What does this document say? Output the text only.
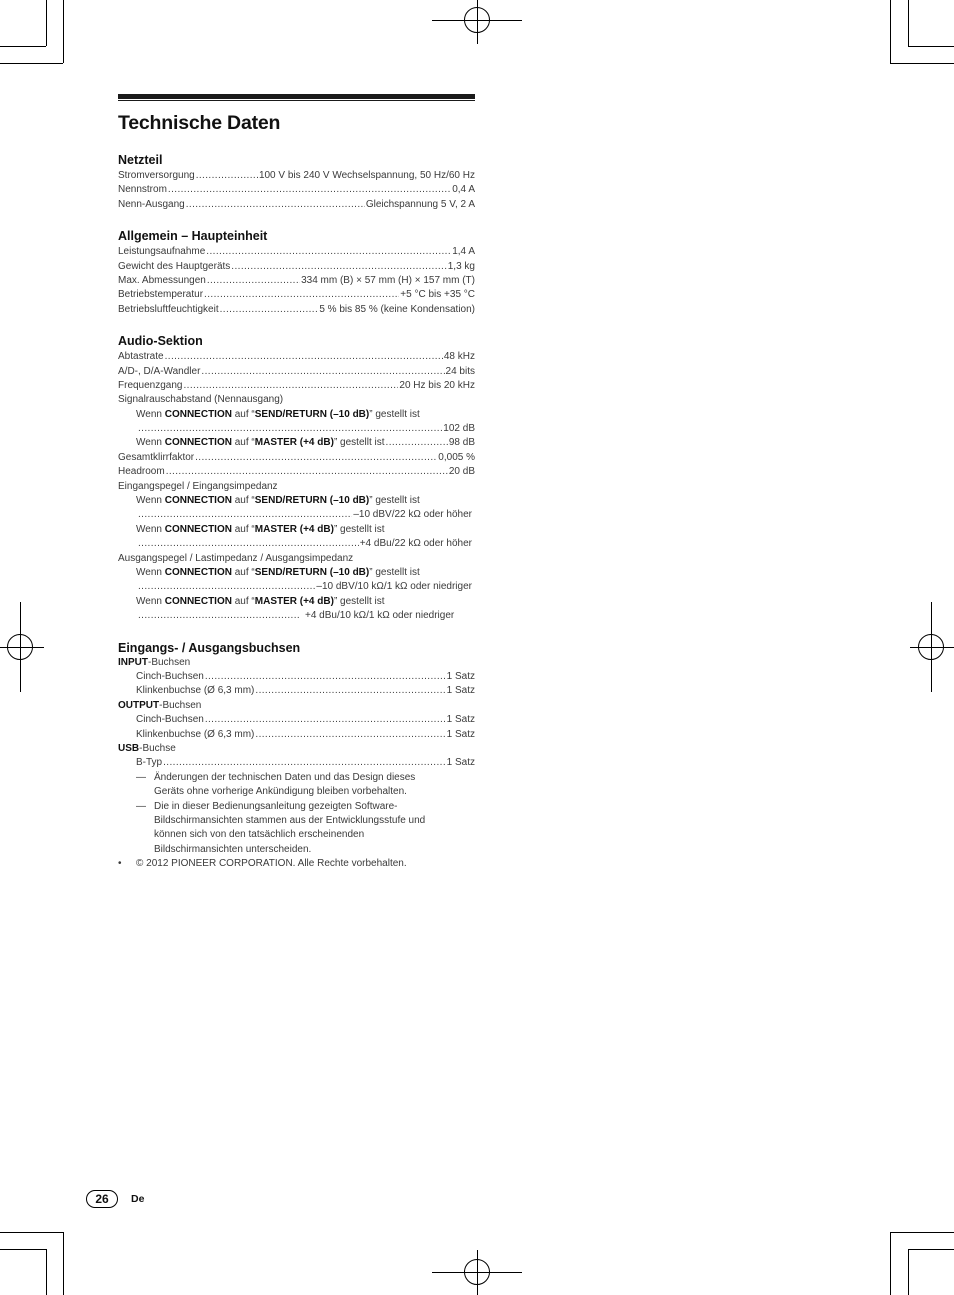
Technische Daten
Netzteil
Stromversorgung .....	100 V bis 240 V Wechselspannung, 50 Hz/60 Hz
Nennstrom .....	0,4 A
Nenn-Ausgang .....	Gleichspannung 5 V, 2 A
Allgemein – Haupteinheit
Leistungsaufnahme .....	1,4 A
Gewicht des Hauptgeräts .....	1,3 kg
Max. Abmessungen .....	334 mm (B) × 57 mm (H) × 157 mm (T)
Betriebstemperatur .....	+5 °C bis +35 °C
Betriebsluftfeuchtigkeit .....	5 % bis 85 % (keine Kondensation)
Audio-Sektion
Abtastrate .....	48 kHz
A/D-, D/A-Wandler .....	24 bits
Frequenzgang .....	20 Hz bis 20 kHz
Signalrauschabstand (Nennausgang)
Wenn CONNECTION auf “SEND/RETURN (–10 dB)” gestellt ist
.....
102 dB
Wenn CONNECTION auf “MASTER (+4 dB)” gestellt ist .....	98 dB
Gesamtklirrfaktor .....	0,005 %
Headroom .....	20 dB
Eingangspegel / Eingangsimpedanz
Wenn CONNECTION auf “SEND/RETURN (–10 dB)” gestellt ist
.....
–10 dBV/22 kΩ oder höher
Wenn CONNECTION auf “MASTER (+4 dB)” gestellt ist
.....
+4 dBu/22 kΩ oder höher
Ausgangspegel / Lastimpedanz / Ausgangsimpedanz
Wenn CONNECTION auf “SEND/RETURN (–10 dB)” gestellt ist
.....
–10 dBV/10 kΩ/1 kΩ oder niedriger
Wenn CONNECTION auf “MASTER (+4 dB)” gestellt ist
.....
+4 dBu/10 kΩ/1 kΩ oder niedriger
Eingangs- / Ausgangsbuchsen
INPUT-Buchsen
Cinch-Buchsen .....	1 Satz
Klinkenbuchse (Ø 6,3 mm) .....	1 Satz
OUTPUT-Buchsen
Cinch-Buchsen .....	1 Satz
Klinkenbuchse (Ø 6,3 mm) .....	1 Satz
USB-Buchse
B-Typ .....	1 Satz
— Änderungen der technischen Daten und das Design dieses Geräts ohne vorherige Ankündigung bleiben vorbehalten.
— Die in dieser Bedienungsanleitung gezeigten Software-Bildschirmansichten stammen aus der Entwicklungsstufe und können sich von den tatsächlich erscheinenden Bildschirmansichten unterscheiden.
•	© 2012 PIONEER CORPORATION. Alle Rechte vorbehalten.
26	De
